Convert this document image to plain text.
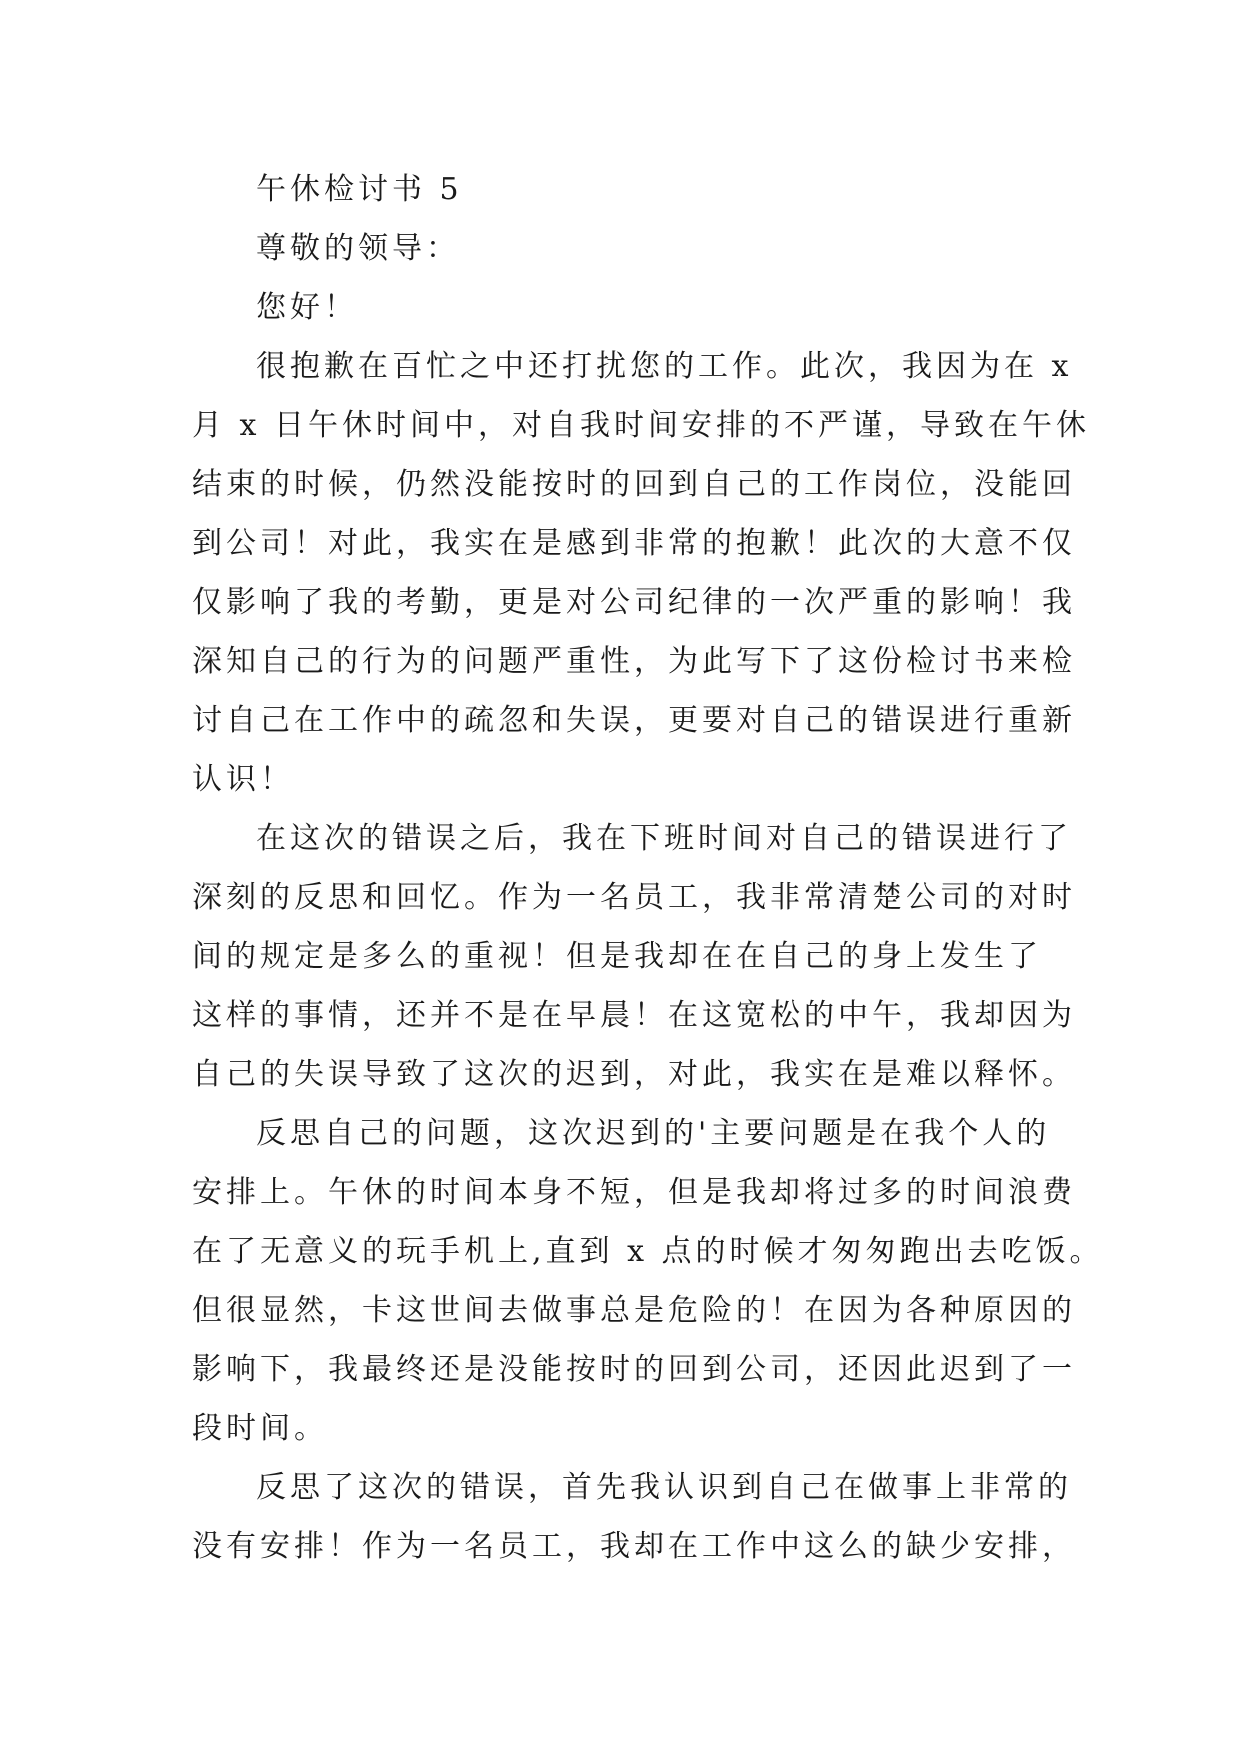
午休检讨书 5
尊敬的领导：
您好！
很抱歉在百忙之中还打扰您的工作。此次，我因为在 x
月 x 日午休时间中，对自我时间安排的不严谨，导致在午休
结束的时候，仍然没能按时的回到自己的工作岗位，没能回
到公司！对此，我实在是感到非常的抱歉！此次的大意不仅
仅影响了我的考勤，更是对公司纪律的一次严重的影响！我
深知自己的行为的问题严重性，为此写下了这份检讨书来检
讨自己在工作中的疏忽和失误，更要对自己的错误进行重新
认识！
在这次的错误之后，我在下班时间对自己的错误进行了
深刻的反思和回忆。作为一名员工，我非常清楚公司的对时
间的规定是多么的重视！但是我却在在自己的身上发生了
这样的事情，还并不是在早晨！在这宽松的中午，我却因为
自己的失误导致了这次的迟到，对此，我实在是难以释怀。
反思自己的问题，这次迟到的'主要问题是在我个人的
安排上。午休的时间本身不短，但是我却将过多的时间浪费
在了无意义的玩手机上,直到 x 点的时候才匆匆跑出去吃饭。
但很显然，卡这世间去做事总是危险的！在因为各种原因的
影响下，我最终还是没能按时的回到公司，还因此迟到了一
段时间。
反思了这次的错误，首先我认识到自己在做事上非常的
没有安排！作为一名员工，我却在工作中这么的缺少安排，
